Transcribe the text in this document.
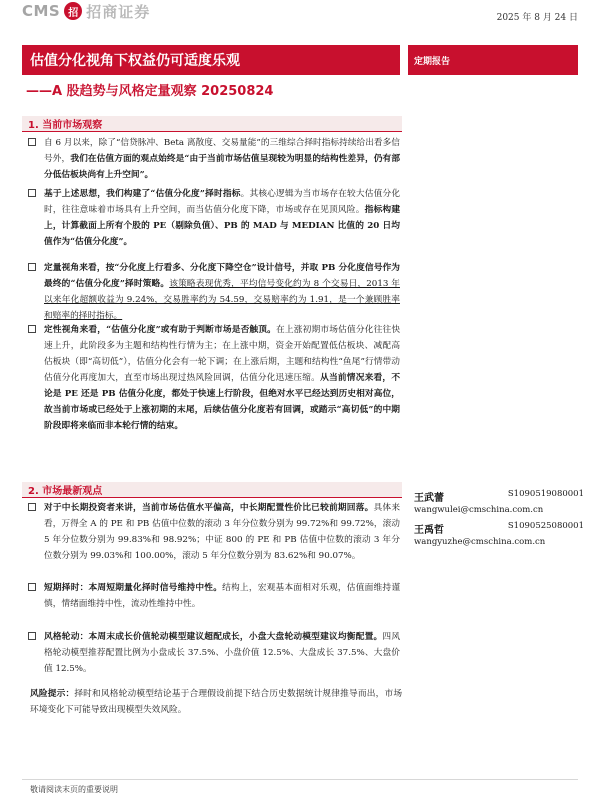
CMS 招 招商证券	2025 年 8 月 24 日
估值分化视角下权益仍可适度乐观	定期报告
——A 股趋势与风格定量观察 20250824
1. 当前市场观察
自 6 月以来，除了“信贷脉冲、Beta 离散度、交易量能”的三维综合择时指标持续给出看多信号外，我们在估值方面的观点始终是“由于当前市场估值呈现较为明显的结构性差异，仍有部分低估板块尚有上升空间”。
基于上述思想，我们构建了“估值分化度”择时指标。其核心逻辑为当市场存在较大估值分化时，往往意味着市场具有上升空间，而当估值分化度下降，市场或存在见顶风险。指标构建上，计算截面上所有个股的 PE（剔除负值）、PB 的 MAD 与 MEDIAN 比值的 20 日均值作为“估值分化度”。
定量视角来看，按“分化度上行看多、分化度下降空仓”设计信号，并取 PB 分化度信号作为最终的“估值分化度”择时策略。该策略表现优秀，平均信号变化约为 8 个交易日，2013 年以来年化超额收益为 9.24%，交易胜率约为 54.59，交易赔率约为 1.91，是一个兼顾胜率和赔率的择时指标。
定性视角来看，“估值分化度”或有助于判断市场是否触顶。在上涨初期市场估值分化往往快速上升，此阶段多为主题和结构性行情为主；在上涨中期，资金开始配置低估板块、减配高估板块（即“高切低”），估值分化会有一轮下调；在上涨后期，主题和结构性“鱼尾”行情带动估值分化再度加大，直至市场出现过热风险回调，估值分化迅速压缩。从当前情况来看，不论是 PE 还是 PB 估值分化度，都处于快速上行阶段，但绝对水平已经达到历史相对高位，故当前市场或已经处于上涨初期的末尾，后续估值分化度若有回调，或踏示“高切低”的中期阶段即将来临而非本轮行情的结束。
2. 市场最新观点
对于中长期投资者来讲，当前市场估值水平偏高，中长期配置性价比已较前期回落。具体来看，万得全 A 的 PE 和 PB 估值中位数的滚动 3 年分位数分别为 99.72%和 99.72%，滚动 5 年分位数分别为 99.83%和 98.92%；中证 800 的 PE 和 PB 估值中位数的滚动 3 年分位数分别为 99.03%和 100.00%，滚动 5 年分位数分别为 83.62%和 90.07%。
短期择时：本周短期量化择时信号维持中性。结构上，宏观基本面相对乐观，估值面维持谨慎，情绪面维持中性，流动性维持中性。
风格轮动：本周末成长价值轮动模型建议超配成长，小盘大盘轮动模型建议均衡配置。四风格轮动模型推荐配置比例为小盘成长 37.5%、小盘价值 12.5%、大盘成长 37.5%、大盘价值 12.5%。
风险提示：择时和风格轮动模型结论基于合理假设前提下结合历史数据统计规律推导而出，市场环境变化下可能导致出现模型失效风险。
王武蕾	S1090519080001
wangwulei@cmschina.com.cn
王禹哲	S1090525080001
wangyuzhe@cmschina.com.cn
敬请阅读末页的重要说明
